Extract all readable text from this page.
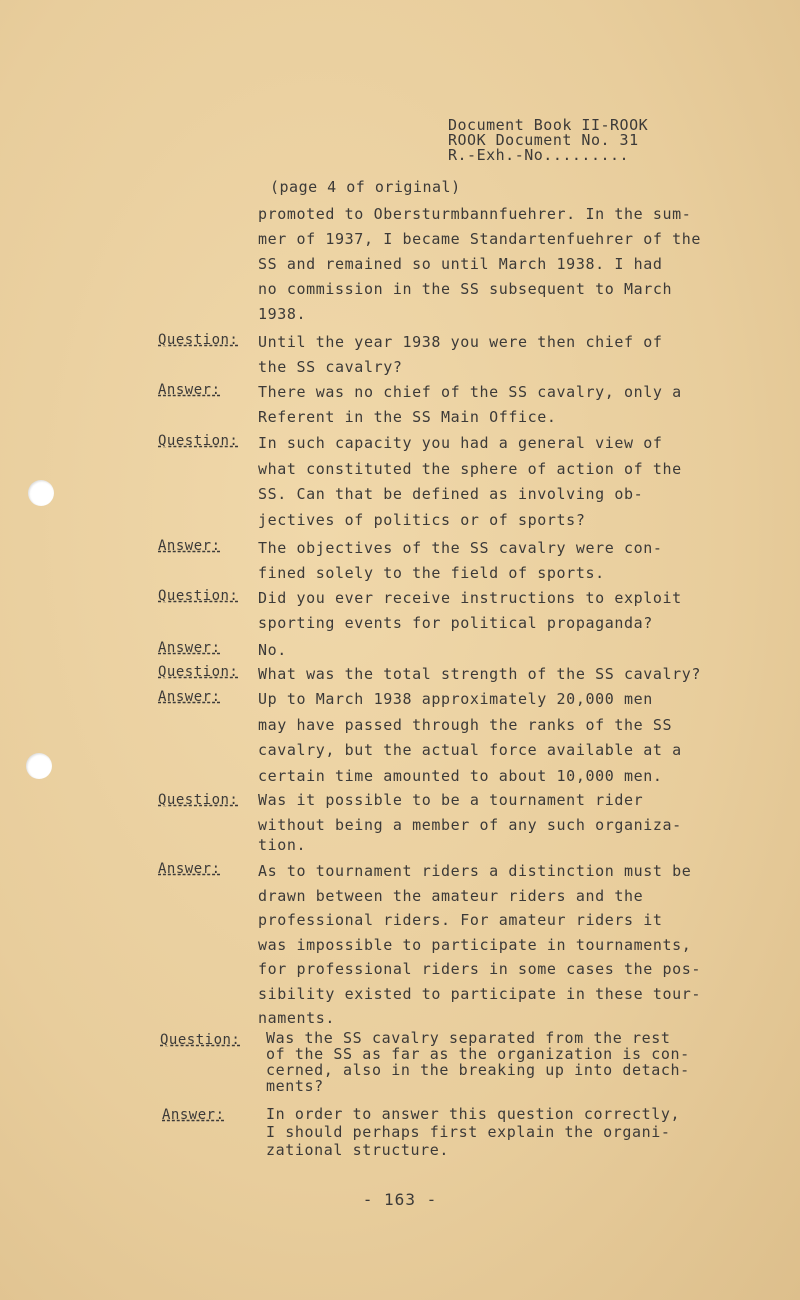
Document Book II-ROOK
ROOK Document No. 31
R.-Exh.-No.........
(page 4 of original)
promoted to Obersturmbannfuehrer. In the sum-
mer of 1937, I became Standartenfuehrer of the
SS and remained so until March 1938. I had
no commission in the SS subsequent to March
1938.
Question: Until the year 1938 you were then chief of
the SS cavalry?
Answer: There was no chief of the SS cavalry, only a
Referent in the SS Main Office.
Question: In such capacity you had a general view of
what constituted the sphere of action of the
SS. Can that be defined as involving ob-
jectives of politics or of sports?
Answer: The objectives of the SS cavalry were con-
fined solely to the field of sports.
Question: Did you ever receive instructions to exploit
sporting events for political propaganda?
Answer: No.
Question: What was the total strength of the SS cavalry?
Answer: Up to March 1938 approximately 20,000 men
may have passed through the ranks of the SS
cavalry, but the actual force available at a
certain time amounted to about 10,000 men.
Question: Was it possible to be a tournament rider
without being a member of any such organiza-
tion.
Answer: As to tournament riders a distinction must be
drawn between the amateur riders and the
professional riders. For amateur riders it
was impossible to participate in tournaments,
for professional riders in some cases the pos-
sibility existed to participate in these tour-
naments.
Question: Was the SS cavalry separated from the rest
of the SS as far as the organization is con-
cerned, also in the breaking up into detach-
ments?
Answer:	In order to answer this question correctly,
I should perhaps first explain the organi-
zational structure.
- 163 -
